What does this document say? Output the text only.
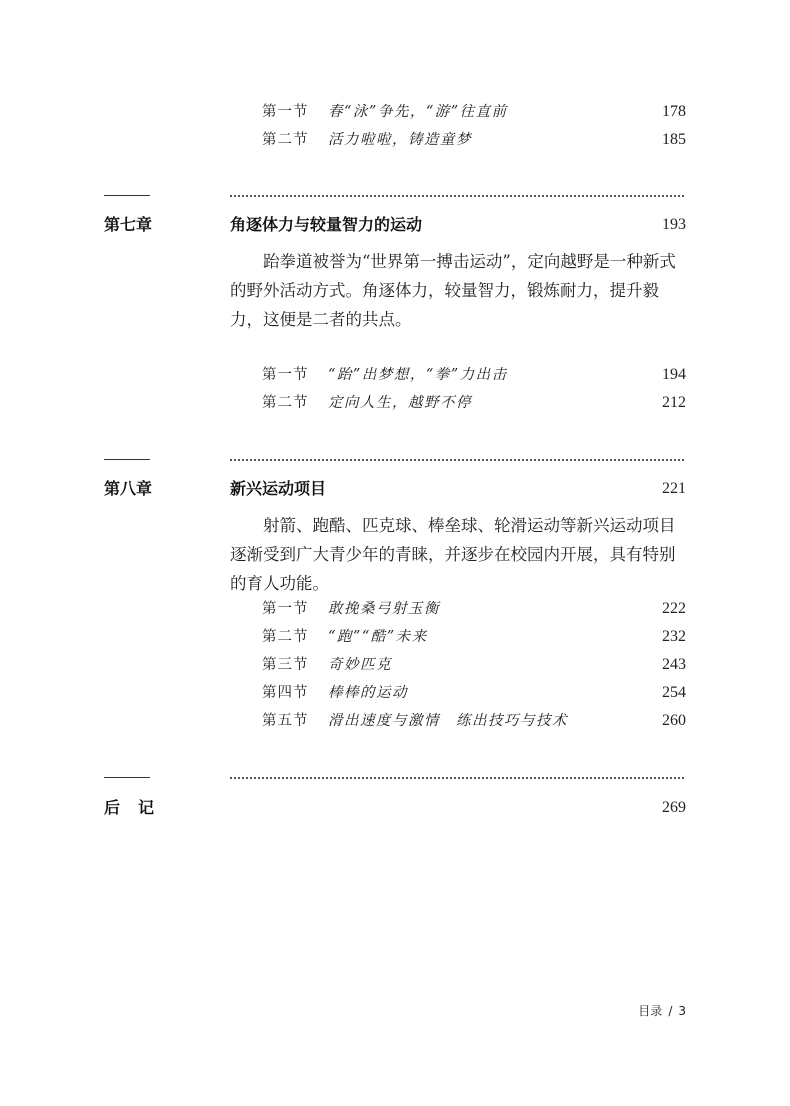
第一节 春“泳”争先，“游”往直前	178
第二节 活力啦啦，铸造童梦	185
第七章	角逐体力与较量智力的运动	193

跆拳道被誉为“世界第一搏击运动”，定向越野是一种新式的野外活动方式。角逐体力，较量智力，锻炼耐力，提升毅力，这便是二者的共点。

第一节 “跆”出梦想，“拳”力出击	194
第二节 定向人生，越野不停	212
第八章	新兴运动项目	221

射箭、跑酷、匹克球、棒垒球、轮滑运动等新兴运动项目逐渐受到广大青少年的青睐，并逐步在校园内开展，具有特别的育人功能。

第一节 敢挽桑弓射玉衡	222
第二节 “跑”“酷”未来	232
第三节 奇妙匹克	243
第四节 棒棒的运动	254
第五节 滑出速度与激情　练出技巧与技术	260
后记	269
目录 / 3
